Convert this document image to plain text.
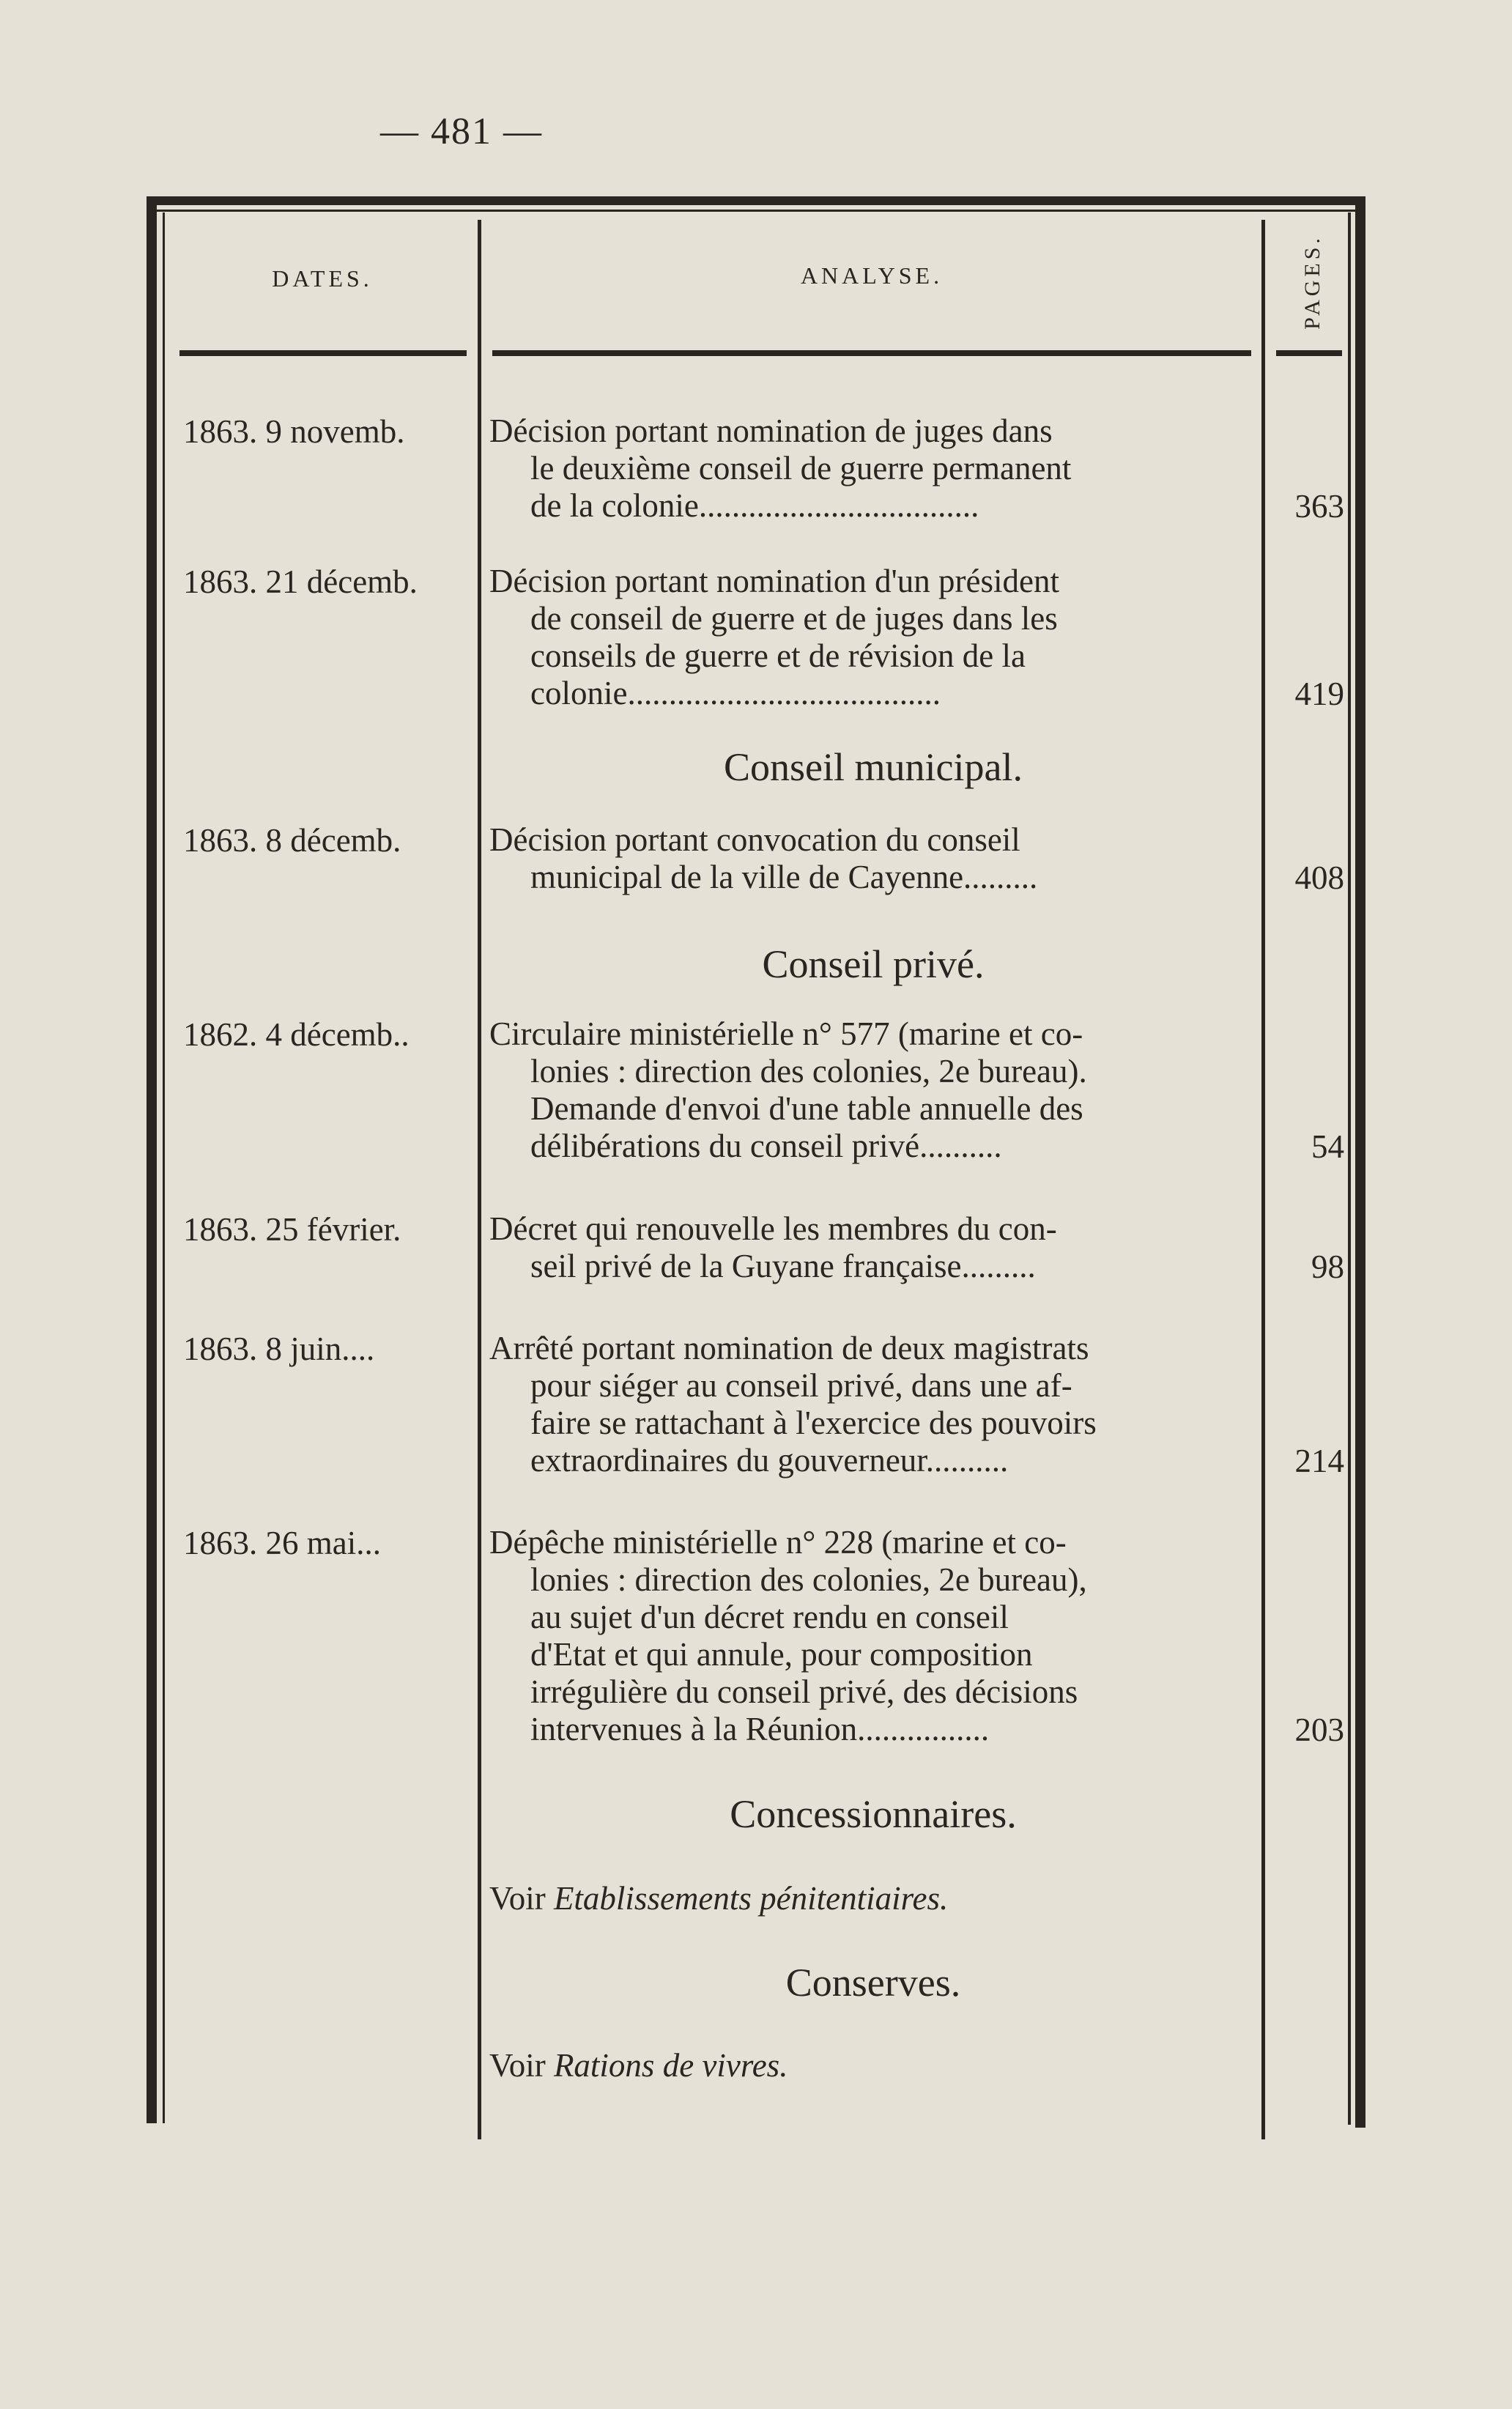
— 481 —
DATES.	ANALYSE.	PAGES.
1863. 9 novemb.	Décision portant nomination de juges dans
le deuxième conseil de guerre permanent
de la colonie..................................	363
1863. 21 décemb.	Décision portant nomination d'un président
de conseil de guerre et de juges dans les
conseils de guerre et de révision de la
colonie......................................	419
Conseil municipal.
1863. 8 décemb.	Décision portant convocation du conseil
municipal de la ville de Cayenne.........	408
Conseil privé.
1862. 4 décemb..	Circulaire ministérielle n° 577 (marine et co-
lonies : direction des colonies, 2e bureau).
Demande d'envoi d'une table annuelle des
délibérations du conseil privé..........	54
1863. 25 février.	Décret qui renouvelle les membres du con-
seil privé de la Guyane française.........	98
1863. 8 juin....	Arrêté portant nomination de deux magistrats
pour siéger au conseil privé, dans une af-
faire se rattachant à l'exercice des pouvoirs
extraordinaires du gouverneur..........	214
1863. 26 mai...	Dépêche ministérielle n° 228 (marine et co-
lonies : direction des colonies, 2e bureau),
au sujet d'un décret rendu en conseil
d'Etat et qui annule, pour composition
irrégulière du conseil privé, des décisions
intervenues à la Réunion................	203
Concessionnaires.
Voir Etablissements pénitentiaires.
Conserves.
Voir Rations de vivres.
